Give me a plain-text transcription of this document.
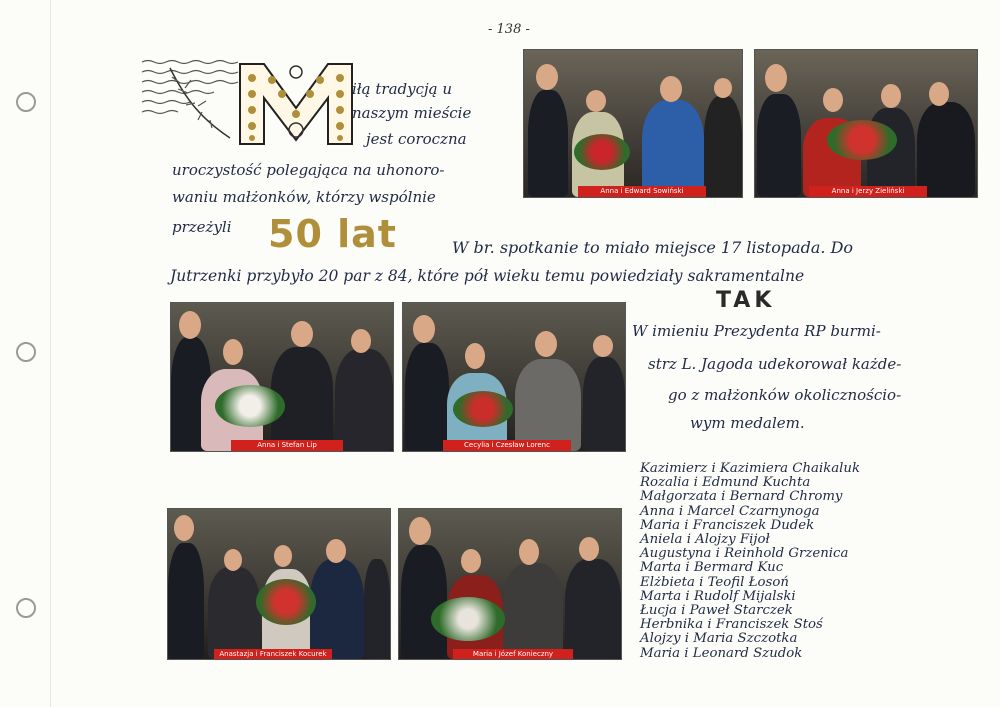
- 138 -
M
iłą tradycją u
naszym mieście
jest coroczna
uroczystość polegająca na uhonoro-
waniu małżonków, którzy wspólnie
przeżyli 50 lat	W br. spotkanie to miało miejsce 17 listopada. Do
Jutrzenki przybyło 20 par z 84, które pół wieku temu powiedziały sakramentalne
TAK
W imieniu Prezydenta RP burmi-
strz L. Jagoda udekorował każde-
go z małżonków okolicznościo-
wym medalem.
Anna i Edward Sowiński	Anna i Jerzy Zieliński
Anna i Stefan Lip	Cecylia i Czesław Lorenc
Anastazja i Franciszek Kocurek	Maria i Józef Konieczny
Kazimierz i Kazimiera Chaikaluk
Rozalia i Edmund Kuchta
Małgorzata i Bernard Chromy
Anna i Marcel Czarnynoga
Maria i Franciszek Dudek
Aniela i Alojzy Fijoł
Augustyna i Reinhold Grzenica
Marta i Bermard Kuc
Elżbieta i Teofil Łosoń
Marta i Rudolf Mijalski
Łucja i Paweł Starczek
Herbnika i Franciszek Stoś
Alojzy i Maria Szczotka
Maria i Leonard Szudok
